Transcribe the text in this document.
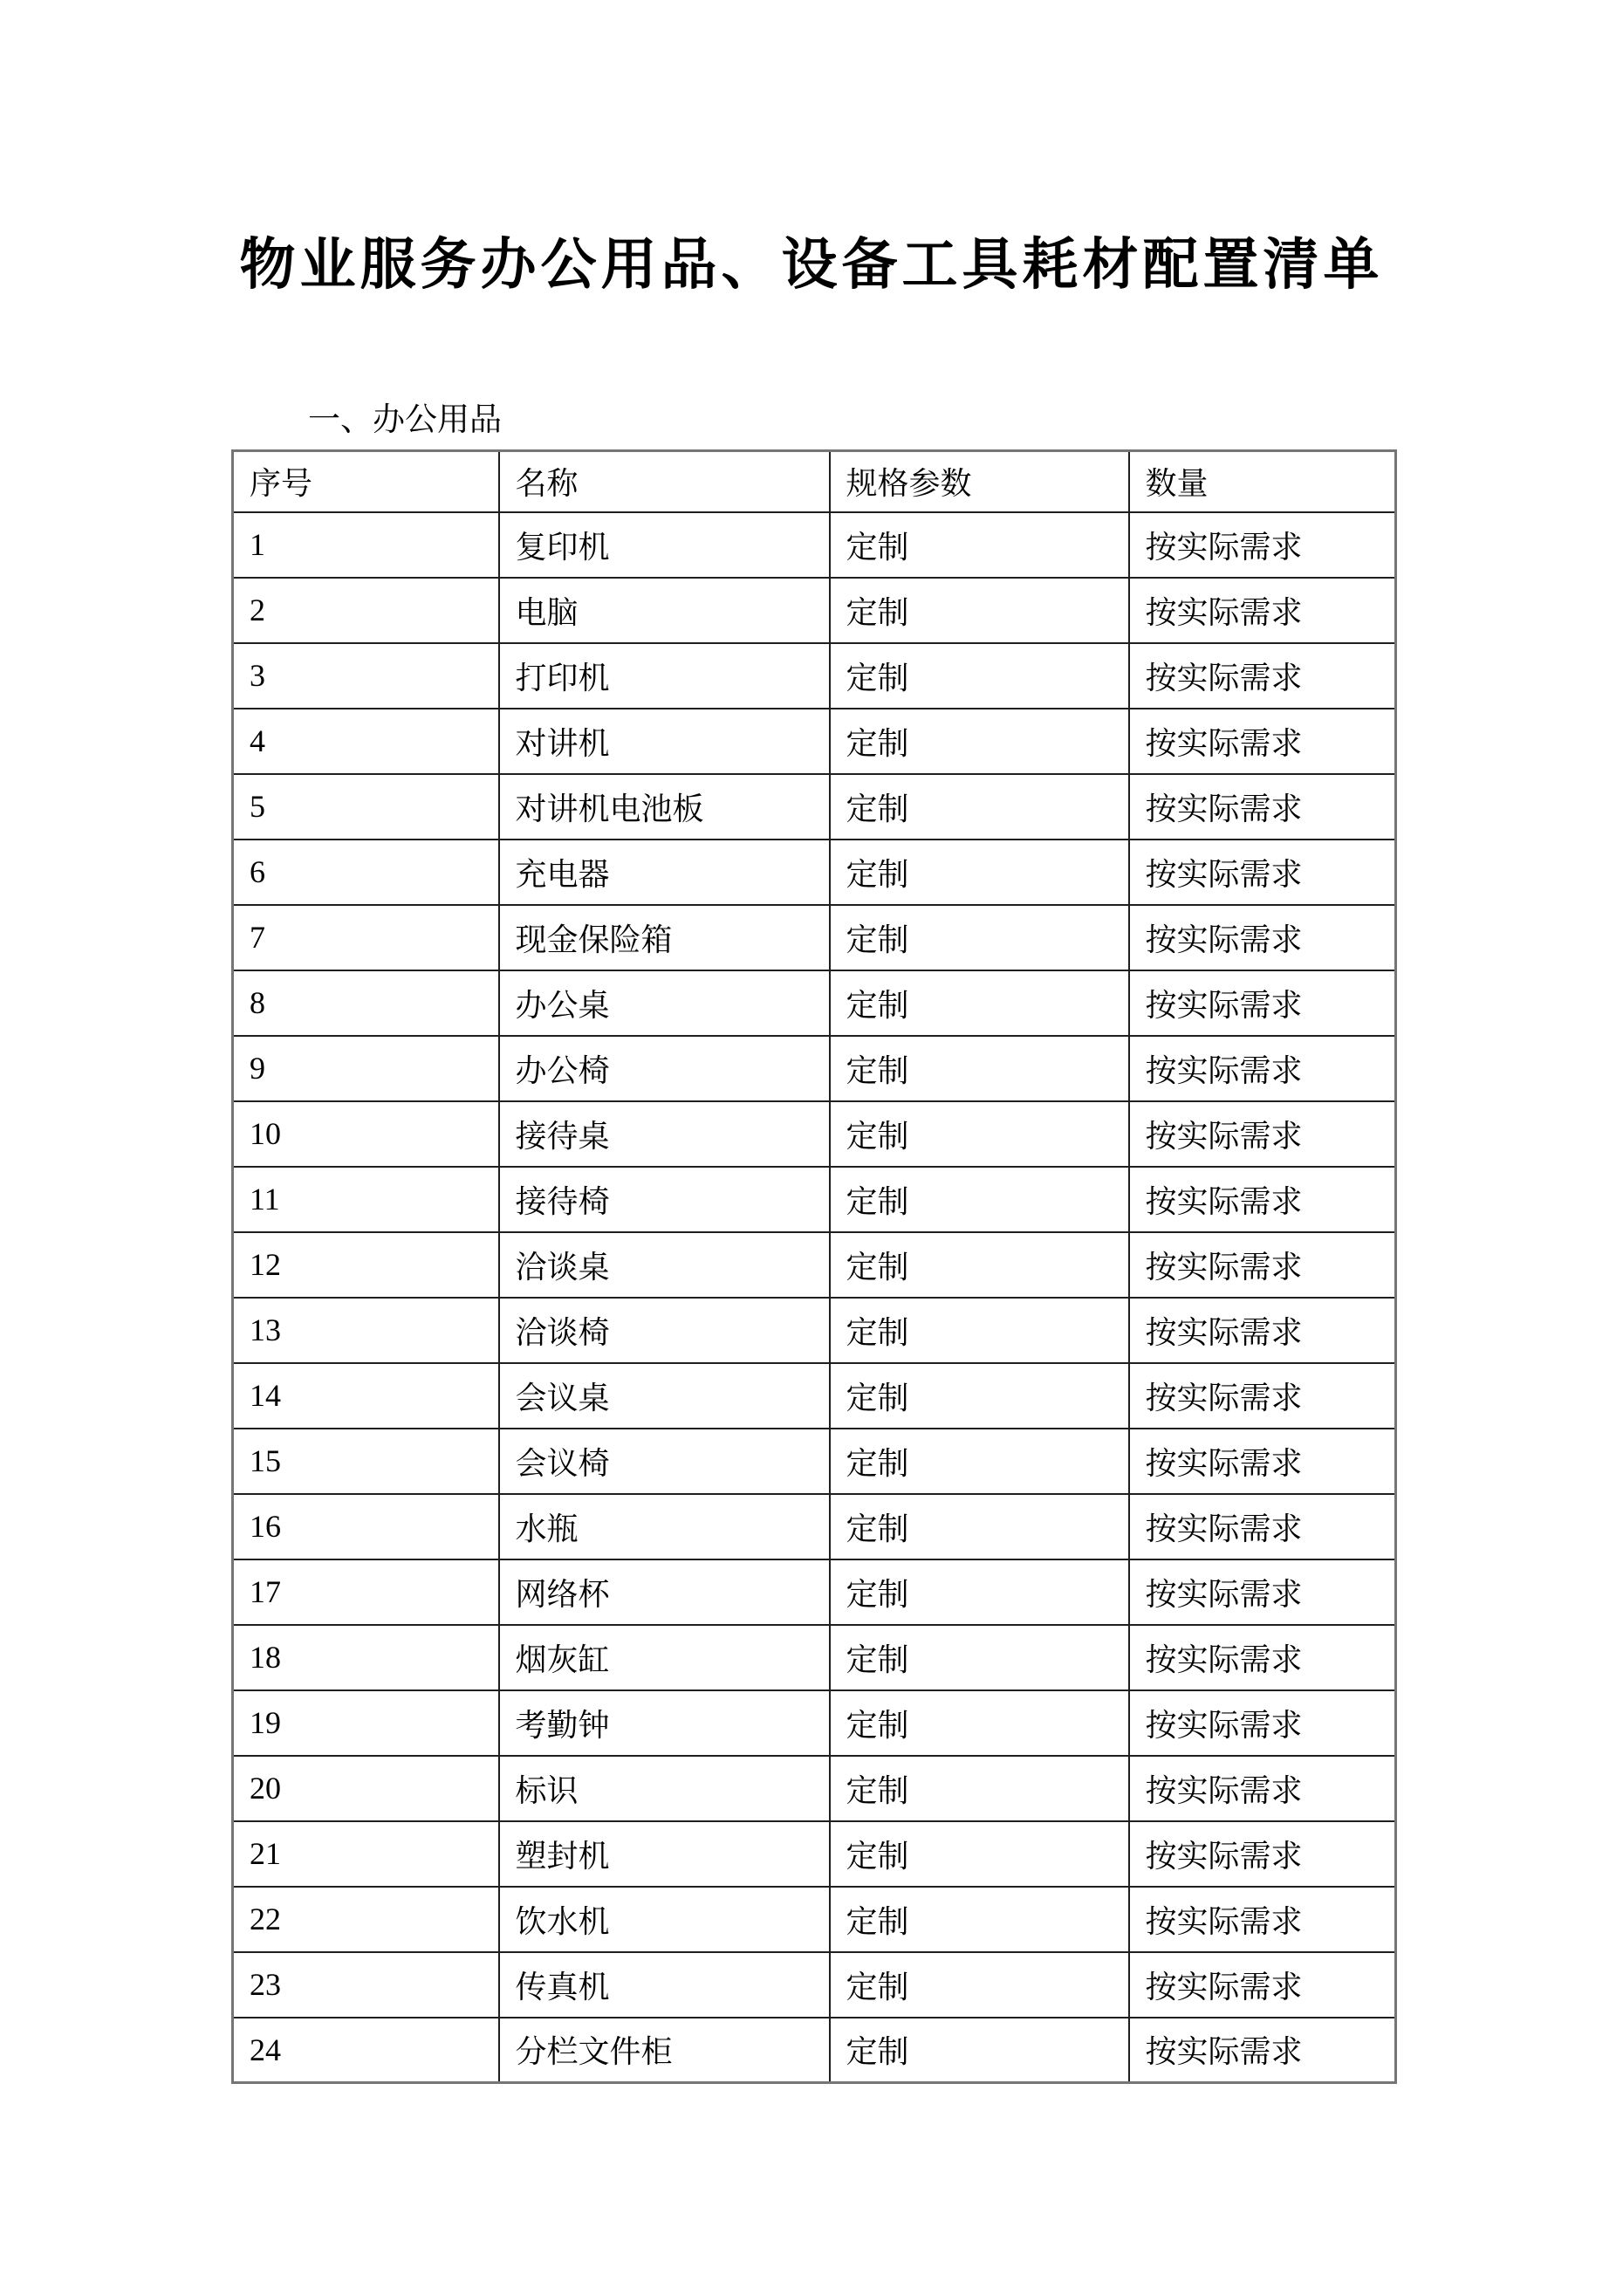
物业服务办公用品、设备工具耗材配置清单
一、办公用品
序号	名称	规格参数	数量
1	复印机	定制	按实际需求
2	电脑	定制	按实际需求
3	打印机	定制	按实际需求
4	对讲机	定制	按实际需求
5	对讲机电池板	定制	按实际需求
6	充电器	定制	按实际需求
7	现金保险箱	定制	按实际需求
8	办公桌	定制	按实际需求
9	办公椅	定制	按实际需求
10	接待桌	定制	按实际需求
11	接待椅	定制	按实际需求
12	洽谈桌	定制	按实际需求
13	洽谈椅	定制	按实际需求
14	会议桌	定制	按实际需求
15	会议椅	定制	按实际需求
16	水瓶	定制	按实际需求
17	网络杯	定制	按实际需求
18	烟灰缸	定制	按实际需求
19	考勤钟	定制	按实际需求
20	标识	定制	按实际需求
21	塑封机	定制	按实际需求
22	饮水机	定制	按实际需求
23	传真机	定制	按实际需求
24	分栏文件柜	定制	按实际需求
